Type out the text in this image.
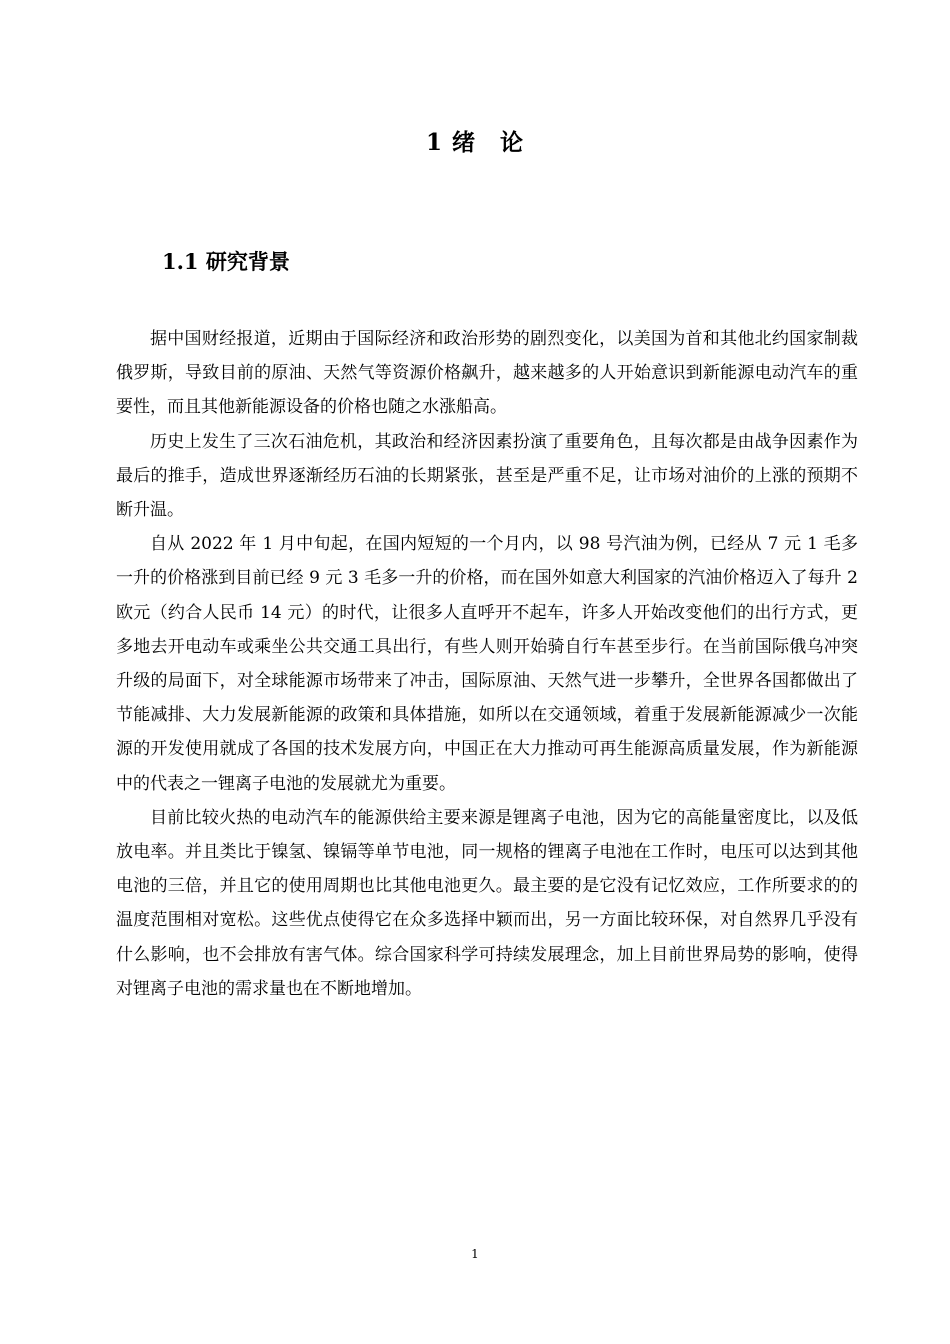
1 绪　论
1.1 研究背景

据中国财经报道，近期由于国际经济和政治形势的剧烈变化，以美国为首和其他北约国家制裁俄罗斯，导致目前的原油、天然气等资源价格飙升，越来越多的人开始意识到新能源电动汽车的重要性，而且其他新能源设备的价格也随之水涨船高。

历史上发生了三次石油危机，其政治和经济因素扮演了重要角色，且每次都是由战争因素作为最后的推手，造成世界逐渐经历石油的长期紧张，甚至是严重不足，让市场对油价的上涨的预期不断升温。

自从 2022 年 1 月中旬起，在国内短短的一个月内，以 98 号汽油为例，已经从 7 元 1 毛多一升的价格涨到目前已经 9 元 3 毛多一升的价格，而在国外如意大利国家的汽油价格迈入了每升 2 欧元（约合人民币 14 元）的时代，让很多人直呼开不起车，许多人开始改变他们的出行方式，更多地去开电动车或乘坐公共交通工具出行，有些人则开始骑自行车甚至步行。在当前国际俄乌冲突升级的局面下，对全球能源市场带来了冲击，国际原油、天然气进一步攀升，全世界各国都做出了节能减排、大力发展新能源的政策和具体措施，如所以在交通领域，着重于发展新能源减少一次能源的开发使用就成了各国的技术发展方向，中国正在大力推动可再生能源高质量发展，作为新能源中的代表之一锂离子电池的发展就尤为重要。

目前比较火热的电动汽车的能源供给主要来源是锂离子电池，因为它的高能量密度比，以及低放电率。并且类比于镍氢、镍镉等单节电池，同一规格的锂离子电池在工作时，电压可以达到其他电池的三倍，并且它的使用周期也比其他电池更久。最主要的是它没有记忆效应，工作所要求的的温度范围相对宽松。这些优点使得它在众多选择中颖而出，另一方面比较环保，对自然界几乎没有什么影响，也不会排放有害气体。综合国家科学可持续发展理念，加上目前世界局势的影响，使得对锂离子电池的需求量也在不断地增加。

1
